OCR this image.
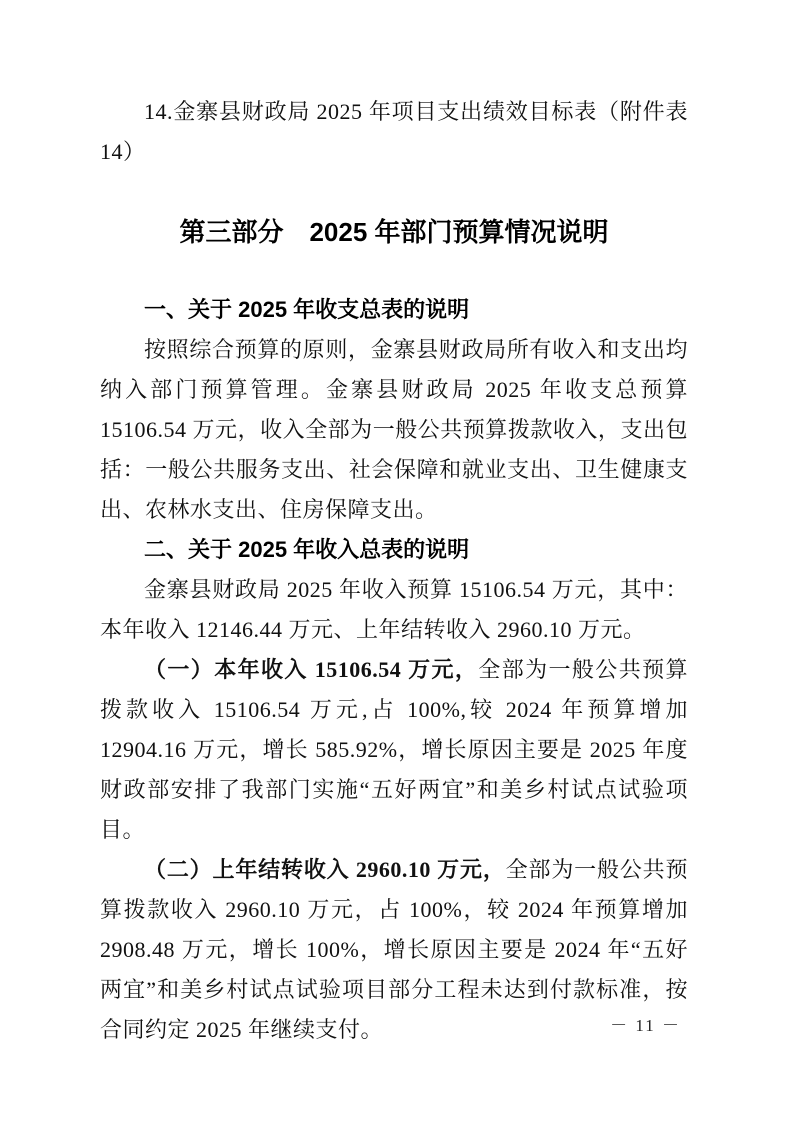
14.金寨县财政局 2025 年项目支出绩效目标表（附件表 14）

第三部分　2025 年部门预算情况说明
一、关于 2025 年收支总表的说明

按照综合预算的原则，金寨县财政局所有收入和支出均纳入部门预算管理。金寨县财政局 2025 年收支总预算 15106.54 万元，收入全部为一般公共预算拨款收入，支出包括：一般公共服务支出、社会保障和就业支出、卫生健康支出、农林水支出、住房保障支出。

二、关于 2025 年收入总表的说明

金寨县财政局 2025 年收入预算 15106.54 万元，其中：本年收入 12146.44 万元、上年结转收入 2960.10 万元。

（一）本年收入 15106.54 万元，全部为一般公共预算拨款收入 15106.54 万元,占 100%,较 2024 年预算增加 12904.16 万元，增长 585.92%，增长原因主要是 2025 年度财政部安排了我部门实施“五好两宜”和美乡村试点试验项目。

（二）上年结转收入 2960.10 万元，全部为一般公共预算拨款收入 2960.10 万元，占 100%，较 2024 年预算增加 2908.48 万元，增长 100%，增长原因主要是 2024 年“五好两宜”和美乡村试点试验项目部分工程未达到付款标准，按合同约定 2025 年继续支付。	－ 11 －
